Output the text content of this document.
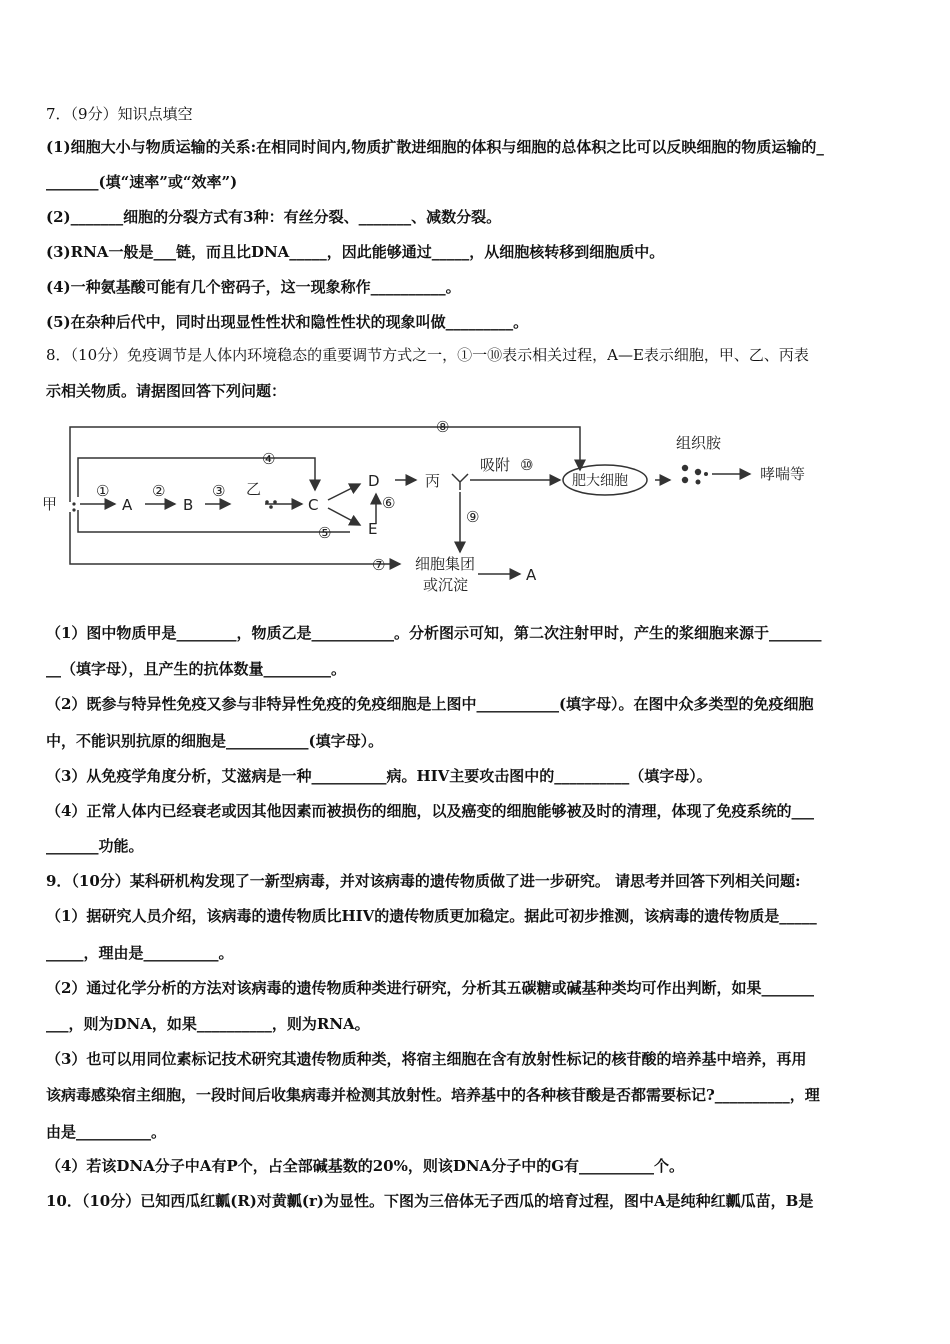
7．（9分）知识点填空
(1)细胞大小与物质运输的关系:在相同时间内,物质扩散进细胞的体积与细胞的总体积之比可以反映细胞的物质运输的_
_______(填“速率”或“效率”)
(2)_______细胞的分裂方式有3种：有丝分裂、_______、减数分裂。
(3)RNA一般是___链，而且比DNA_____，因此能够通过_____，从细胞核转移到细胞质中。
(4)一种氨基酸可能有几个密码子，这一现象称作__________。
(5)在杂种后代中，同时出现显性性状和隐性性状的现象叫做_________。
8．（10分）免疫调节是人体内环境稳态的重要调节方式之一，①一⑩表示相关过程，A—E表示细胞，甲、乙、丙表
示相关物质。请据图回答下列问题：
甲	A	B
乙
C
D
E
丙
①	②	③
④
⑤
⑥
⑦
⑧
⑨
吸附 ⑩
肥大细胞
组织胺
哮喘等
细胞集团
或沉淀
A
（1）图中物质甲是________，物质乙是___________。分析图示可知，第二次注射甲时，产生的浆细胞来源于_______
__（填字母），且产生的抗体数量_________。
（2）既参与特异性免疫又参与非特异性免疫的免疫细胞是上图中___________(填字母）。在图中众多类型的免疫细胞
中，不能识别抗原的细胞是___________(填字母）。
（3）从免疫学角度分析，艾滋病是一种__________病。HIV主要攻击图中的__________（填字母）。
（4）正常人体内已经衰老或因其他因素而被损伤的细胞，以及癌变的细胞能够被及时的清理，体现了免疫系统的___
_______功能。
9．（10分）某科研机构发现了一新型病毒，并对该病毒的遗传物质做了进一步研究。 请思考并回答下列相关问题:
（1）据研究人员介绍，该病毒的遗传物质比HIV的遗传物质更加稳定。据此可初步推测，该病毒的遗传物质是_____
_____，理由是__________。
（2）通过化学分析的方法对该病毒的遗传物质种类进行研究，分析其五碳糖或碱基种类均可作出判断，如果_______
___，则为DNA，如果__________，则为RNA。
（3）也可以用同位素标记技术研究其遗传物质种类，将宿主细胞在含有放射性标记的核苷酸的培养基中培养，再用
该病毒感染宿主细胞，一段时间后收集病毒并检测其放射性。培养基中的各种核苷酸是否都需要标记?__________，理
由是__________。
（4）若该DNA分子中A有P个，占全部碱基数的20%，则该DNA分子中的G有__________个。
10．（10分）已知西瓜红瓤(R)对黄瓤(r)为显性。下图为三倍体无子西瓜的培育过程，图中A是纯种红瓤瓜苗，B是
